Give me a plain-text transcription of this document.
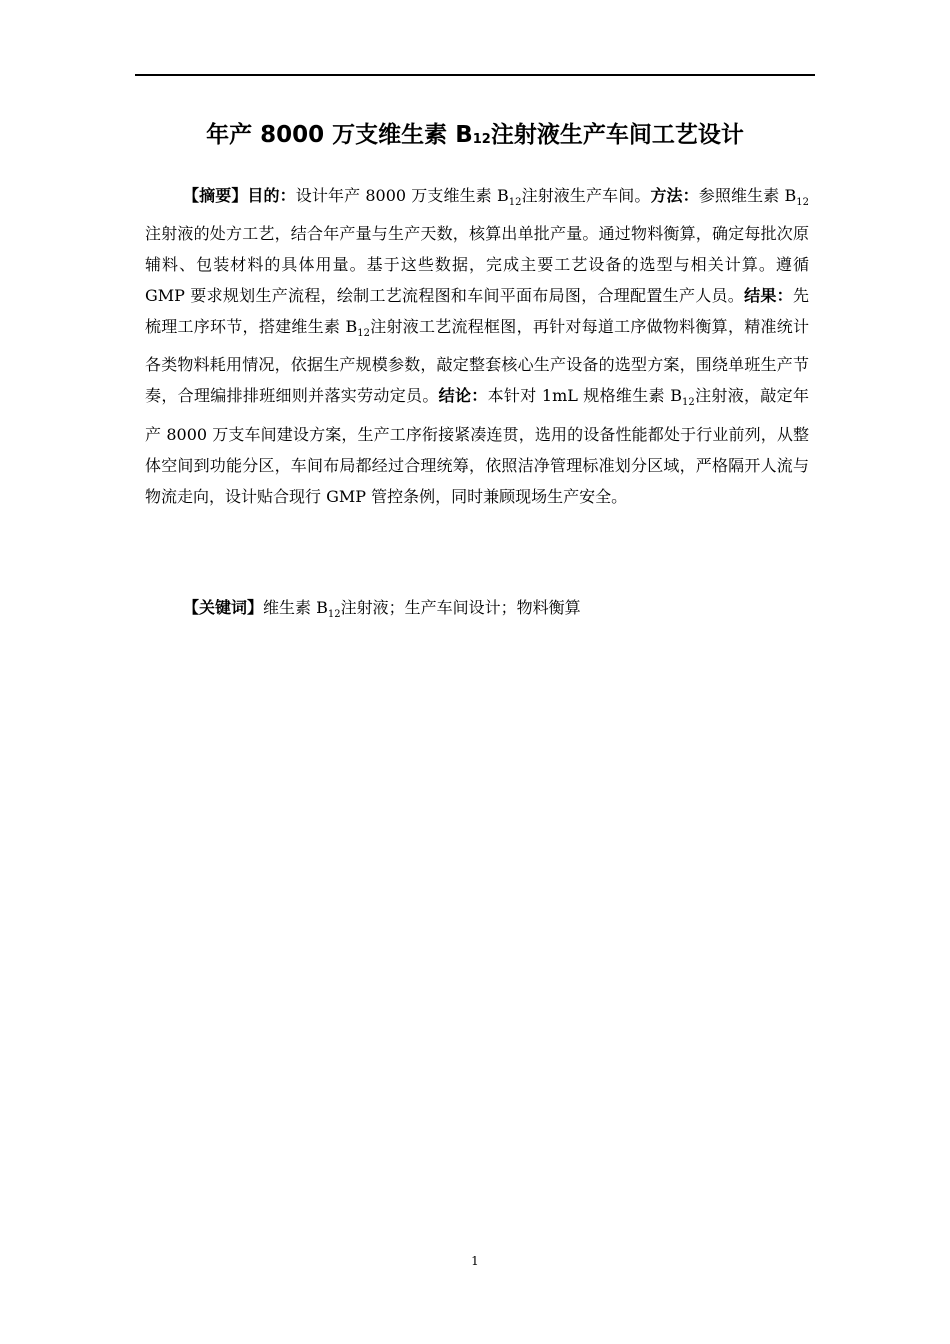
年产 8000 万支维生素 $B_{12}$注射液生产车间工艺设计

【摘要】目的：设计年产 8000 万支维生素 $B_{12}$注射液生产车间。方法：参照维生素 $B_{12}$注射液的处方工艺，结合年产量与生产天数，核算出单批产量。通过物料衡算，确定每批次原辅料、包装材料的具体用量。基于这些数据，完成主要工艺设备的选型与相关计算。遵循 GMP 要求规划生产流程，绘制工艺流程图和车间平面布局图，合理配置生产人员。结果：先梳理工序环节，搭建维生素 $B_{12}$注射液工艺流程框图，再针对每道工序做物料衡算，精准统计各类物料耗用情况，依据生产规模参数，敲定整套核心生产设备的选型方案，围绕单班生产节奏，合理编排排班细则并落实劳动定员。结论：本针对 1mL 规格维生素 $B_{12}$注射液，敲定年产 8000 万支车间建设方案，生产工序衔接紧凑连贯，选用的设备性能都处于行业前列，从整体空间到功能分区，车间布局都经过合理统筹，依照洁净管理标准划分区域，严格隔开人流与物流走向，设计贴合现行 GMP 管控条例，同时兼顾现场生产安全。

【关键词】维生素 $B_{12}$注射液；生产车间设计；物料衡算

1
